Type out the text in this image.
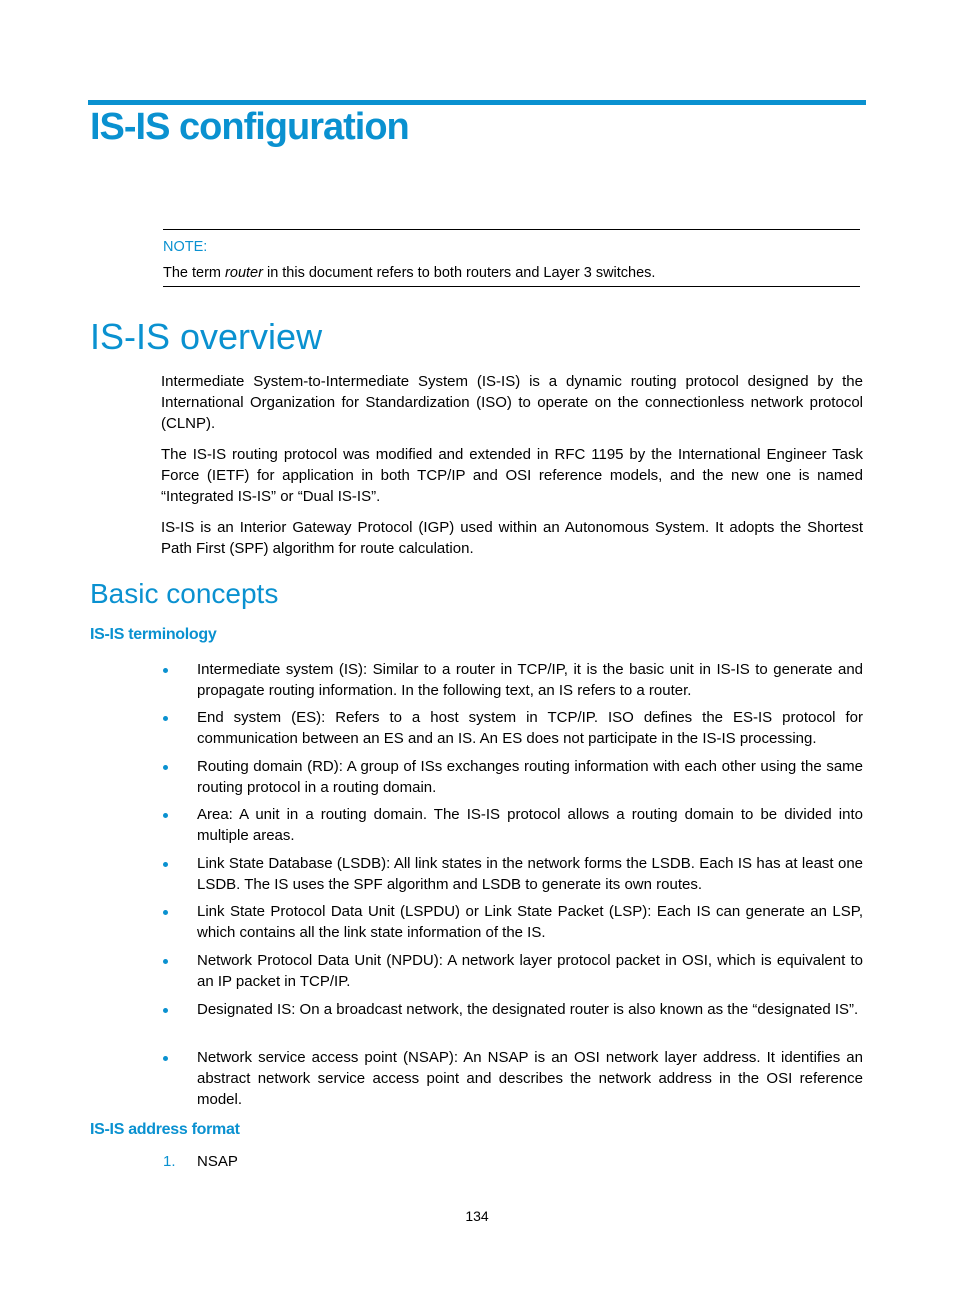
IS-IS configuration
NOTE:
The term router in this document refers to both routers and Layer 3 switches.
IS-IS overview

Intermediate System-to-Intermediate System (IS-IS) is a dynamic routing protocol designed by the International Organization for Standardization (ISO) to operate on the connectionless network protocol (CLNP).

The IS-IS routing protocol was modified and extended in RFC 1195 by the International Engineer Task Force (IETF) for application in both TCP/IP and OSI reference models, and the new one is named “Integrated IS-IS” or “Dual IS-IS”.

IS-IS is an Interior Gateway Protocol (IGP) used within an Autonomous System. It adopts the Shortest Path First (SPF) algorithm for route calculation.

Basic concepts
IS-IS terminology

Intermediate system (IS): Similar to a router in TCP/IP, it is the basic unit in IS-IS to generate and propagate routing information. In the following text, an IS refers to a router.

End system (ES): Refers to a host system in TCP/IP. ISO defines the ES-IS protocol for communication between an ES and an IS. An ES does not participate in the IS-IS processing.

Routing domain (RD): A group of ISs exchanges routing information with each other using the same routing protocol in a routing domain.

Area: A unit in a routing domain. The IS-IS protocol allows a routing domain to be divided into multiple areas.

Link State Database (LSDB): All link states in the network forms the LSDB. Each IS has at least one LSDB. The IS uses the SPF algorithm and LSDB to generate its own routes.

Link State Protocol Data Unit (LSPDU) or Link State Packet (LSP): Each IS can generate an LSP, which contains all the link state information of the IS.

Network Protocol Data Unit (NPDU): A network layer protocol packet in OSI, which is equivalent to an IP packet in TCP/IP.

Designated IS: On a broadcast network, the designated router is also known as the “designated IS”.

Network service access point (NSAP): An NSAP is an OSI network layer address. It identifies an abstract network service access point and describes the network address in the OSI reference model.

IS-IS address format
1. NSAP
134
